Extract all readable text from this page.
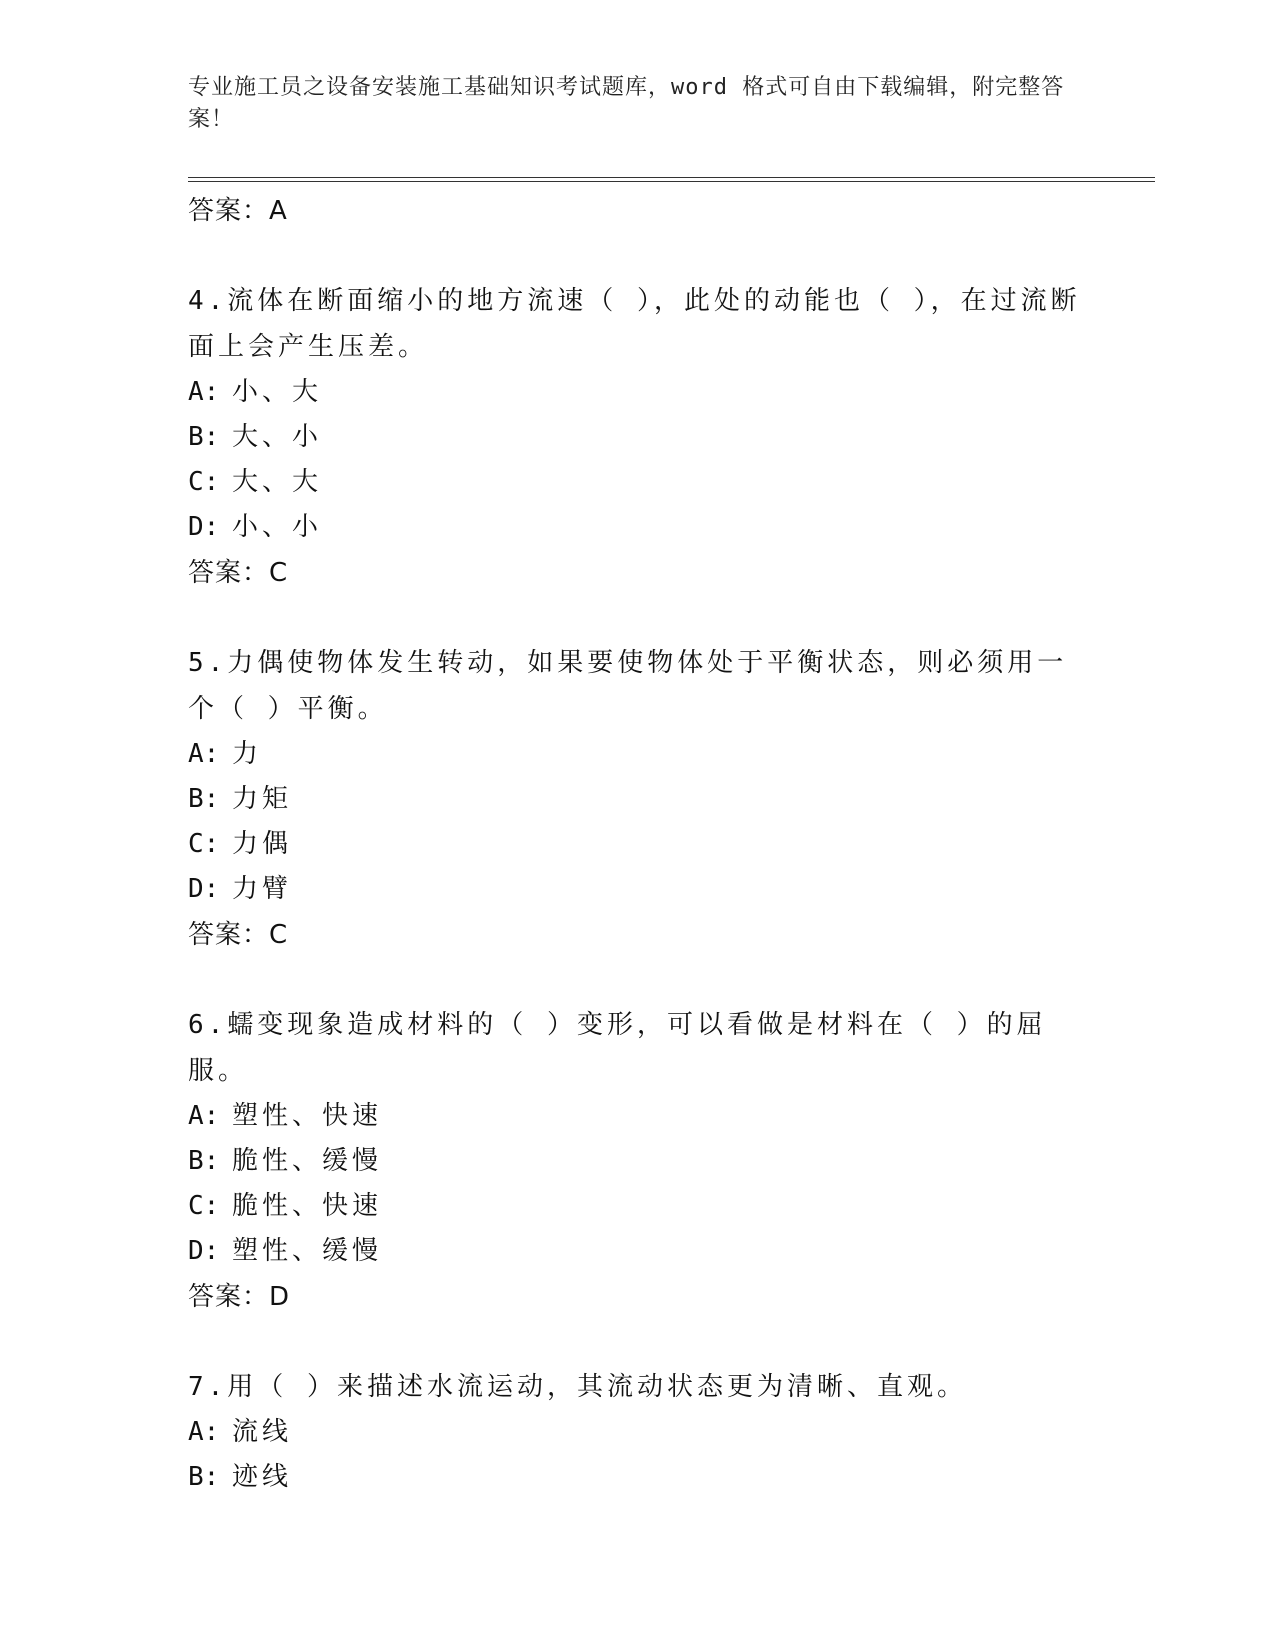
专业施工员之设备安装施工基础知识考试题库，word 格式可自由下载编辑，附完整答案！
答案：A
4.流体在断面缩小的地方流速（ ），此处的动能也（ ），在过流断面上会产生压差。
A: 小、大
B: 大、小
C: 大、大
D: 小、小
答案：C
5.力偶使物体发生转动，如果要使物体处于平衡状态，则必须用一个（ ）平衡。
A: 力
B: 力矩
C: 力偶
D: 力臂
答案：C
6.蠕变现象造成材料的（ ）变形，可以看做是材料在（ ）的屈服。
A: 塑性、快速
B: 脆性、缓慢
C: 脆性、快速
D: 塑性、缓慢
答案：D
7.用（ ）来描述水流运动，其流动状态更为清晰、直观。
A: 流线
B: 迹线
